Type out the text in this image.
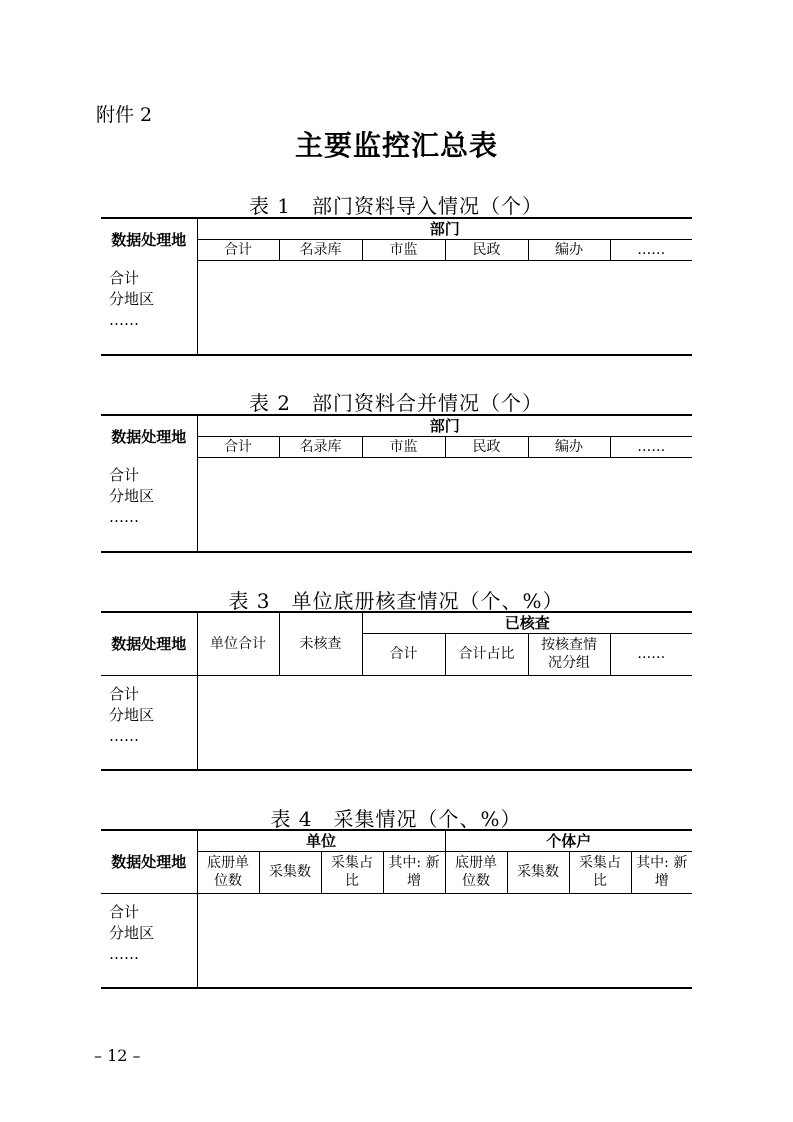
附件 2
主要监控汇总表
表 1　部门资料导入情况（个）
数据处理地	部门					
	合计	名录库	市监	民政	编办	……

合计
分地区
……						

表 2　部门资料合并情况（个）
数据处理地	部门					
	合计	名录库	市监	民政	编办	……

合计
分地区
……						

表 3　单位底册核查情况（个、%）
数据处理地	单位合计	未核查	已核查			
			合计	合计占比	按核查情况分组	……

合计
分地区
……						

表 4　采集情况（个、%）
数据处理地	单位				个体户			
	底册单位数	采集数	采集占比	其中: 新增	底册单位数	采集数	采集占比	其中: 新增

合计
分地区
……								

– 12 –
